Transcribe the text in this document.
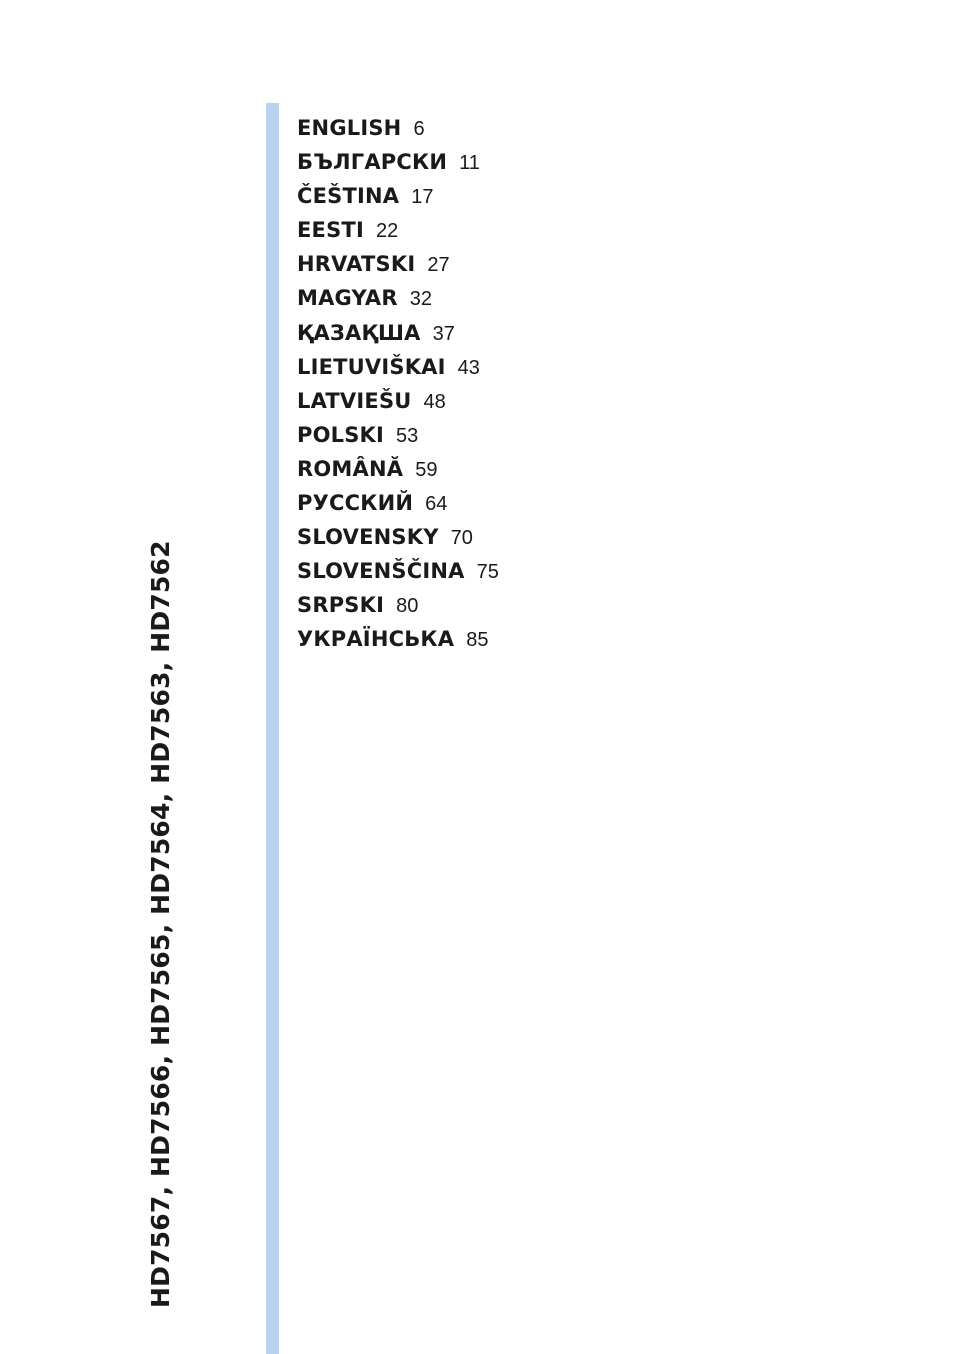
ENGLISH 6
БЪЛГАРСКИ 11
ČEŠTINA 17
EESTI 22
HRVATSKI 27
MAGYAR 32
ҚАЗАҚША 37
LIETUVIŠKAI 43
LATVIEŠU 48
POLSKI 53
ROMÂNĂ 59
РУССКИЙ 64
SLOVENSKY 70
SLOVENŠČINA 75
SRPSKI 80
УКРАЇНСЬКА 85
HD7567, HD7566, HD7565, HD7564, HD7563, HD7562
